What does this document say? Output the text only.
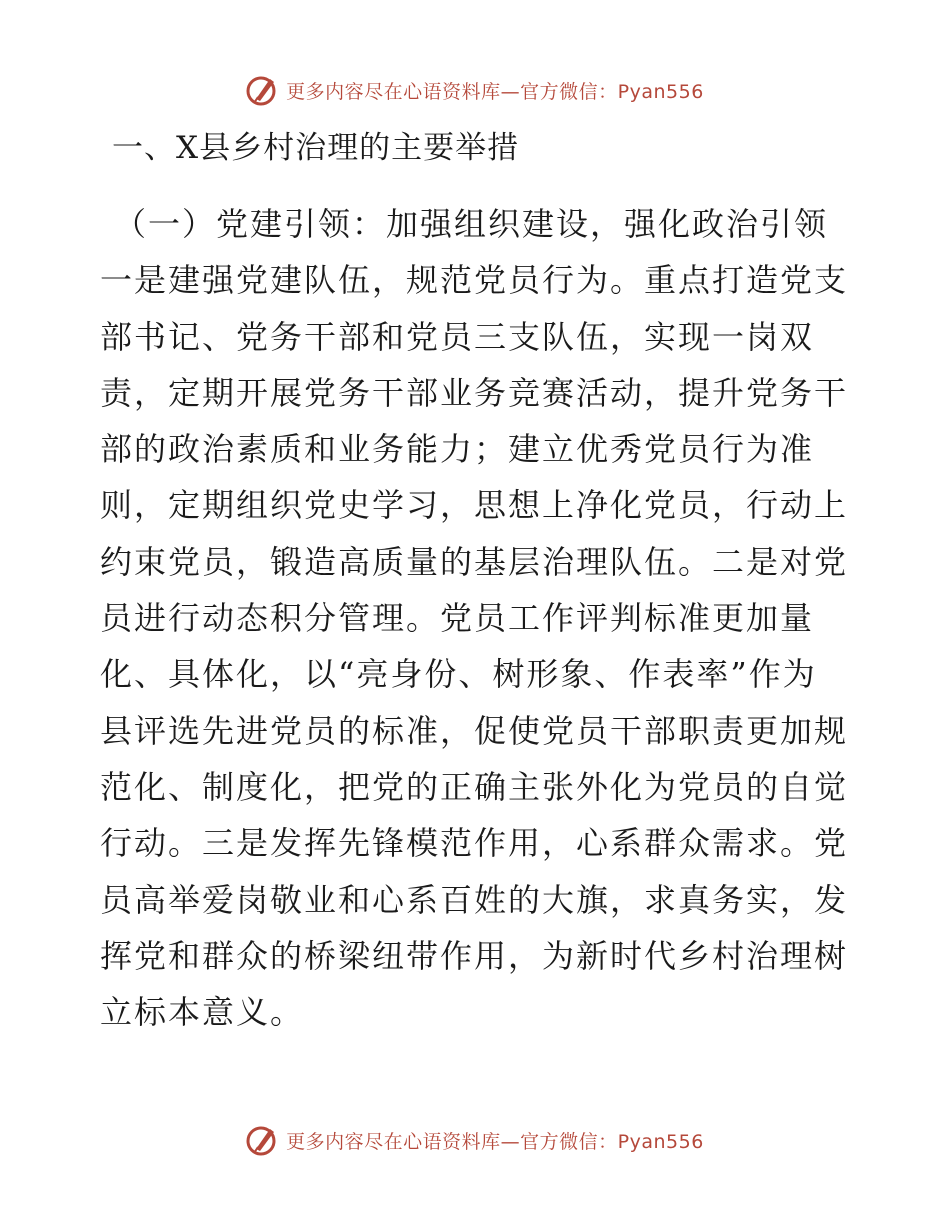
更多内容尽在心语资料库—官方微信：Pyan556
一、X县乡村治理的主要举措
（一）党建引领：加强组织建设，强化政治引领
一是建强党建队伍，规范党员行为。重点打造党支
部书记、党务干部和党员三支队伍，实现一岗双
责，定期开展党务干部业务竞赛活动，提升党务干
部的政治素质和业务能力；建立优秀党员行为准
则，定期组织党史学习，思想上净化党员，行动上
约束党员，锻造高质量的基层治理队伍。二是对党
员进行动态积分管理。党员工作评判标准更加量
化、具体化，以“亮身份、树形象、作表率”作为
县评选先进党员的标准，促使党员干部职责更加规
范化、制度化，把党的正确主张外化为党员的自觉
行动。三是发挥先锋模范作用，心系群众需求。党
员高举爱岗敬业和心系百姓的大旗，求真务实，发
挥党和群众的桥梁纽带作用，为新时代乡村治理树
立标本意义。
更多内容尽在心语资料库—官方微信：Pyan556
